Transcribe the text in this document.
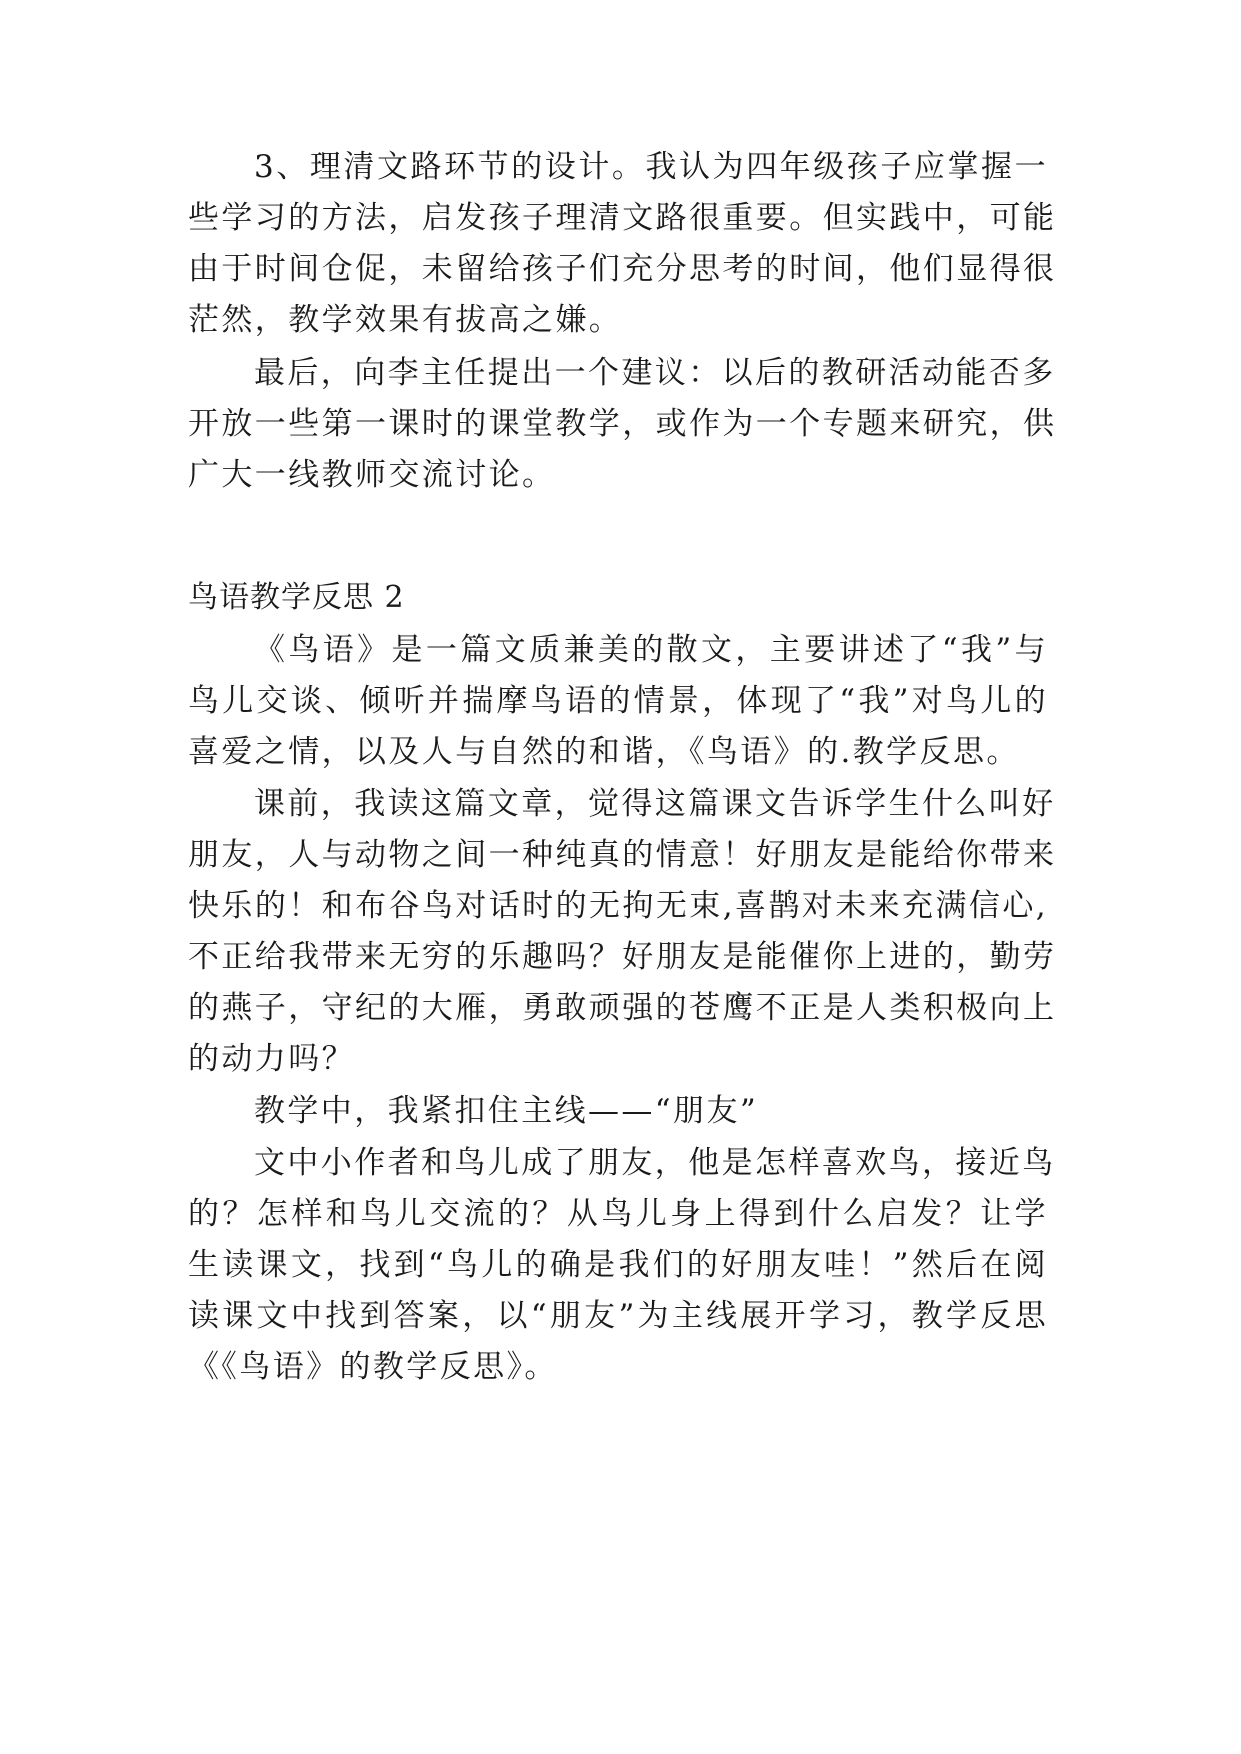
3、理清文路环节的设计。我认为四年级孩子应掌握一
些学习的方法，启发孩子理清文路很重要。但实践中，可能
由于时间仓促，未留给孩子们充分思考的时间，他们显得很
茫然，教学效果有拔高之嫌。
最后，向李主任提出一个建议：以后的教研活动能否多
开放一些第一课时的课堂教学，或作为一个专题来研究，供
广大一线教师交流讨论。
鸟语教学反思 2
《鸟语》是一篇文质兼美的散文，主要讲述了“我”与
鸟儿交谈、倾听并揣摩鸟语的情景，体现了“我”对鸟儿的
喜爱之情，以及人与自然的和谐，《鸟语》的.教学反思。
课前，我读这篇文章，觉得这篇课文告诉学生什么叫好
朋友，人与动物之间一种纯真的情意！好朋友是能给你带来
快乐的！和布谷鸟对话时的无拘无束,喜鹊对未来充满信心,
不正给我带来无穷的乐趣吗？好朋友是能催你上进的，勤劳
的燕子，守纪的大雁，勇敢顽强的苍鹰不正是人类积极向上
的动力吗？
教学中，我紧扣住主线——“朋友”
文中小作者和鸟儿成了朋友，他是怎样喜欢鸟，接近鸟
的？怎样和鸟儿交流的？从鸟儿身上得到什么启发？让学
生读课文，找到“鸟儿的确是我们的好朋友哇！”然后在阅
读课文中找到答案，以“朋友”为主线展开学习，教学反思
《《鸟语》的教学反思》。
